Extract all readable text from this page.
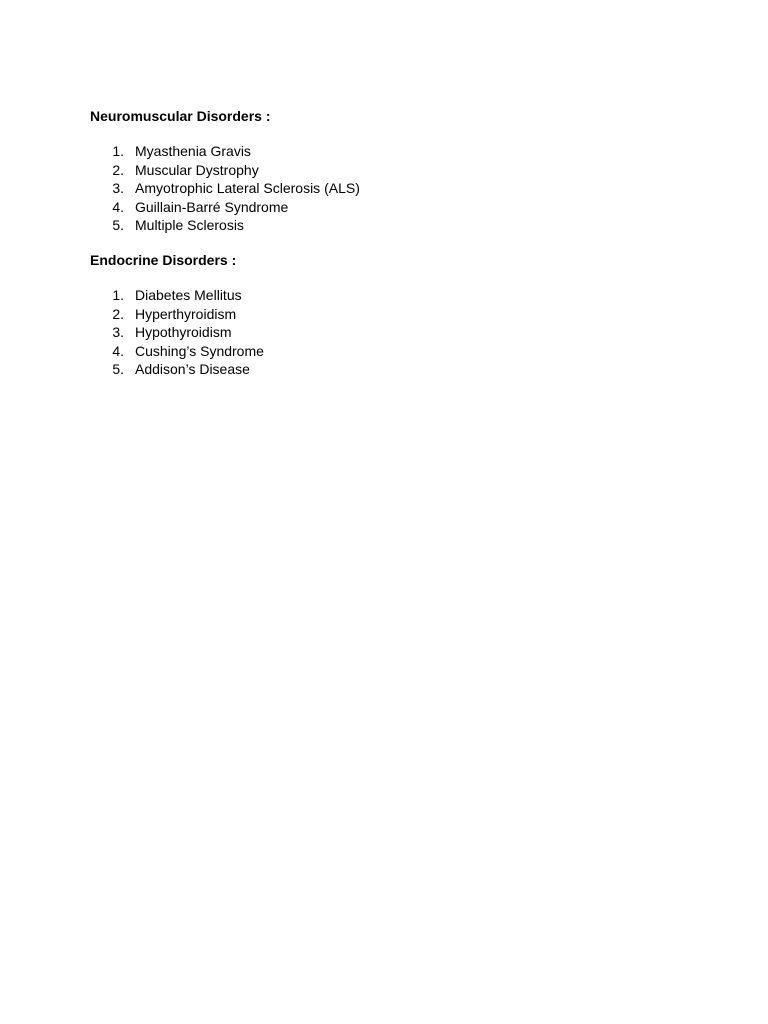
Neuromuscular Disorders :

1. Myasthenia Gravis
2. Muscular Dystrophy
3. Amyotrophic Lateral Sclerosis (ALS)
4. Guillain-Barré Syndrome
5. Multiple Sclerosis

Endocrine Disorders :

1. Diabetes Mellitus
2. Hyperthyroidism
3. Hypothyroidism
4. Cushing’s Syndrome
5. Addison’s Disease
